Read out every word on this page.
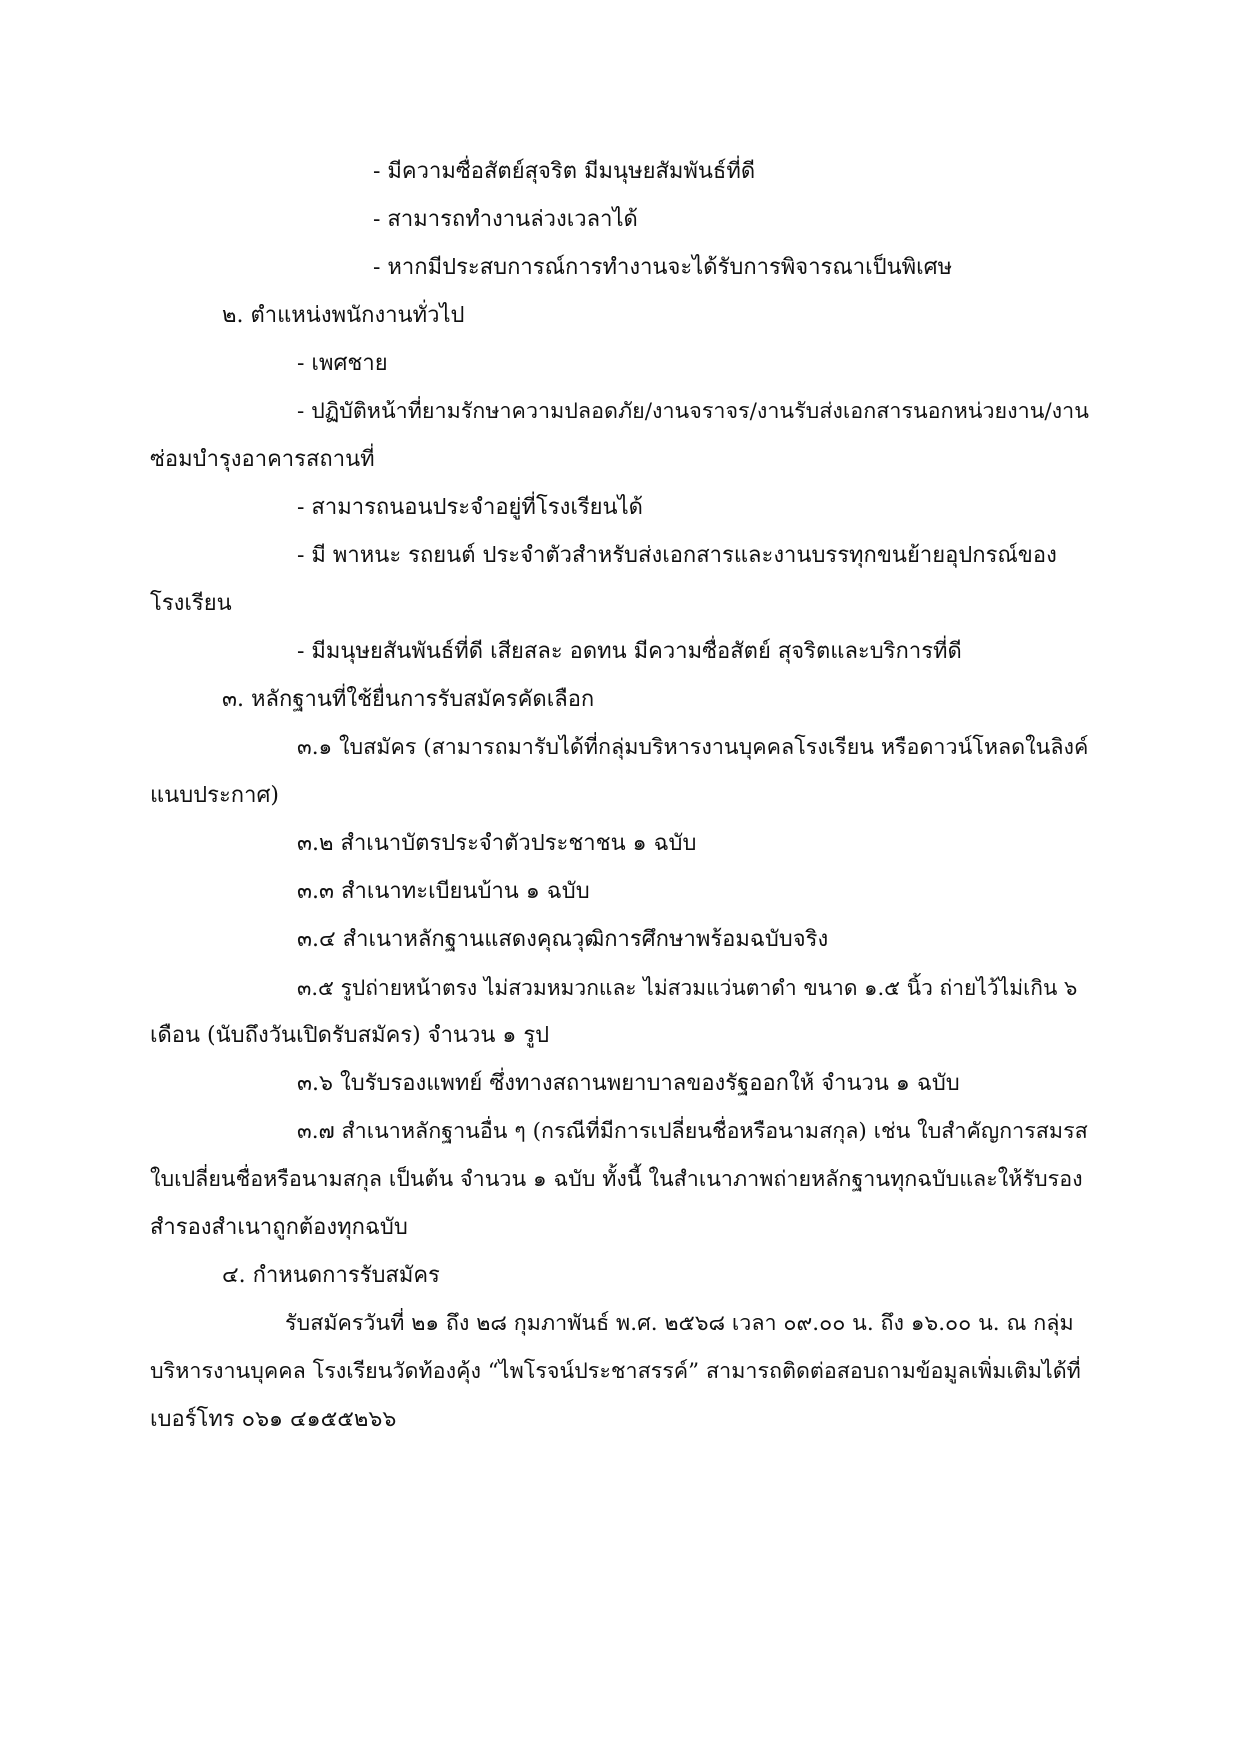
- มีความซื่อสัตย์สุจริต มีมนุษยสัมพันธ์ที่ดี
- สามารถทำงานล่วงเวลาได้
- หากมีประสบการณ์การทำงานจะได้รับการพิจารณาเป็นพิเศษ
๒. ตำแหน่งพนักงานทั่วไป
- เพศชาย
- ปฏิบัติหน้าที่ยามรักษาความปลอดภัย/งานจราจร/งานรับส่งเอกสารนอกหน่วยงาน/งาน
ซ่อมบำรุงอาคารสถานที่
- สามารถนอนประจำอยู่ที่โรงเรียนได้
- มี พาหนะ รถยนต์ ประจำตัวสำหรับส่งเอกสารและงานบรรทุกขนย้ายอุปกรณ์ของ
โรงเรียน
- มีมนุษยสันพันธ์ที่ดี เสียสละ อดทน มีความซื่อสัตย์ สุจริตและบริการที่ดี
๓. หลักฐานที่ใช้ยื่นการรับสมัครคัดเลือก
๓.๑ ใบสมัคร (สามารถมารับได้ที่กลุ่มบริหารงานบุคคลโรงเรียน หรือดาวน์โหลดในลิงค์
แนบประกาศ)
๓.๒ สำเนาบัตรประจำตัวประชาชน ๑ ฉบับ
๓.๓ สำเนาทะเบียนบ้าน ๑ ฉบับ
๓.๔ สำเนาหลักฐานแสดงคุณวุฒิการศึกษาพร้อมฉบับจริง
๓.๕ รูปถ่ายหน้าตรง ไม่สวมหมวกและ ไม่สวมแว่นตาดำ ขนาด ๑.๕ นิ้ว ถ่ายไว้ไม่เกิน ๖
เดือน (นับถึงวันเปิดรับสมัคร) จำนวน ๑ รูป
๓.๖ ใบรับรองแพทย์ ซึ่งทางสถานพยาบาลของรัฐออกให้ จำนวน ๑ ฉบับ
๓.๗ สำเนาหลักฐานอื่น ๆ (กรณีที่มีการเปลี่ยนชื่อหรือนามสกุล) เช่น ใบสำคัญการสมรส
ใบเปลี่ยนชื่อหรือนามสกุล เป็นต้น จำนวน ๑ ฉบับ ทั้งนี้ ในสำเนาภาพถ่ายหลักฐานทุกฉบับและให้รับรอง
สำรองสำเนาถูกต้องทุกฉบับ
๔. กำหนดการรับสมัคร
รับสมัครวันที่ ๒๑ ถึง ๒๘ กุมภาพันธ์ พ.ศ. ๒๕๖๘ เวลา ๐๙.๐๐ น. ถึง ๑๖.๐๐ น. ณ กลุ่ม
บริหารงานบุคคล โรงเรียนวัดท้องคุ้ง “ไพโรจน์ประชาสรรค์” สามารถติดต่อสอบถามข้อมูลเพิ่มเติมได้ที่
เบอร์โทร ๐๖๑ ๔๑๕๕๒๖๖
